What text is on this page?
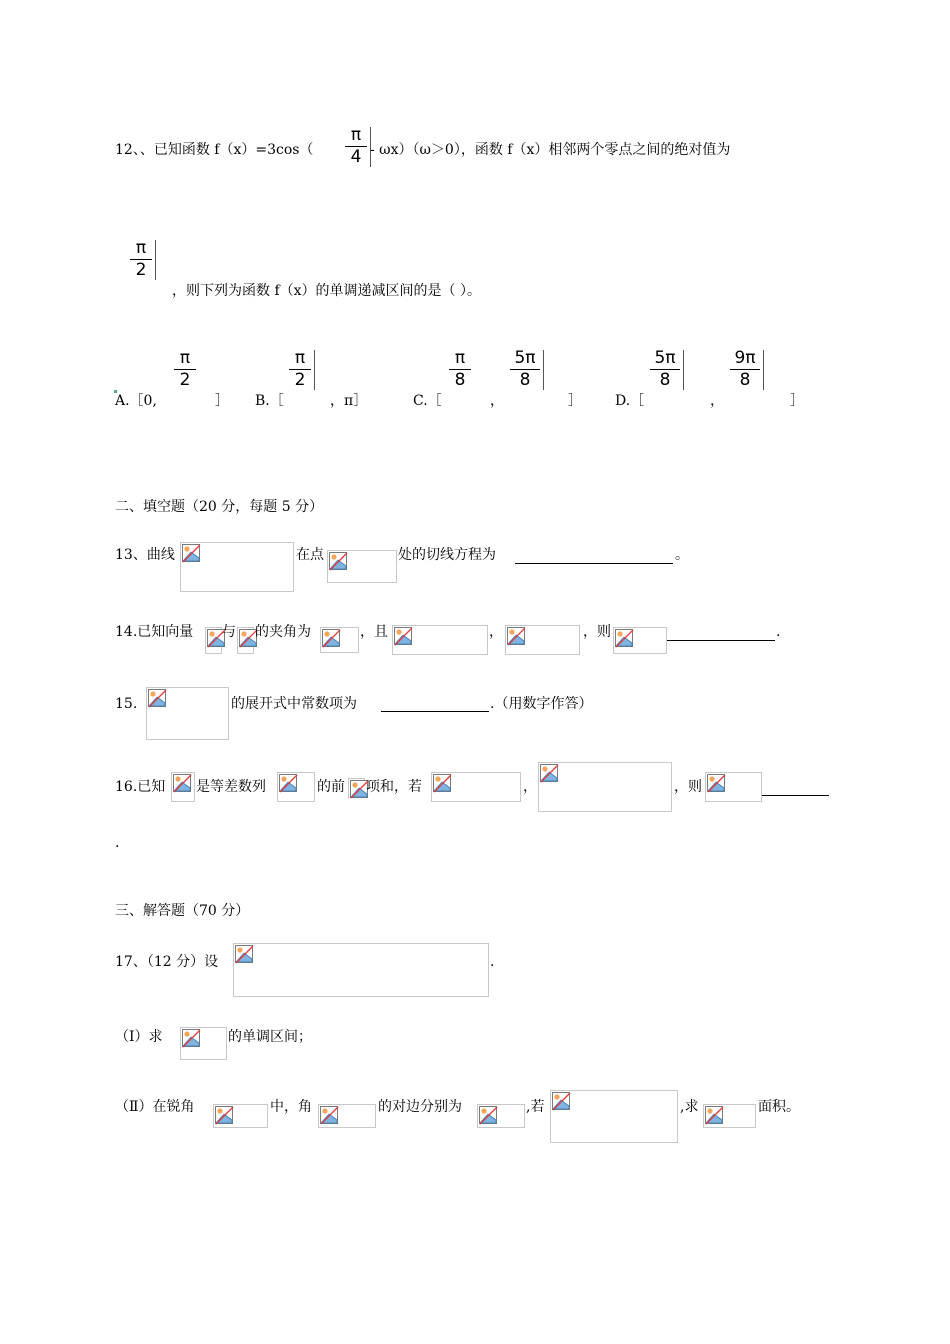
12、、已知函数 $f(x)=3\cos( \frac{\pi}{4} - \omega x)(\omega>0)$，函数 f（x）相邻两个零点之间的绝对值为
$\frac{\pi}{2}$
，则下列为函数 f（x）的单调递减区间的是（ ）。
A.［0,
$\frac{\pi}{2}$
］ B.［
$\frac{\pi}{2}$
，π］	C.［
$\frac{\pi}{8}$
，
$\frac{5\pi}{8}$
］ D.［
$\frac{5\pi}{8}$
，
$\frac{9\pi}{8}$
］
二、填空题（20 分，每题 5 分）
13、曲线	在点	处的切线方程为	。
14.已知向量 与 的夹角为	，且	，	，则	.
15.	的展开式中常数项为	.（用数字作答）
16.已知 是等差数列	的前 项和，若	，	，则
.
三、解答题（70 分）
17、（12 分）设	.
（Ⅰ）求	的单调区间；
（Ⅱ）在锐角	中，角	的对边分别为	,若	,求	面积。
